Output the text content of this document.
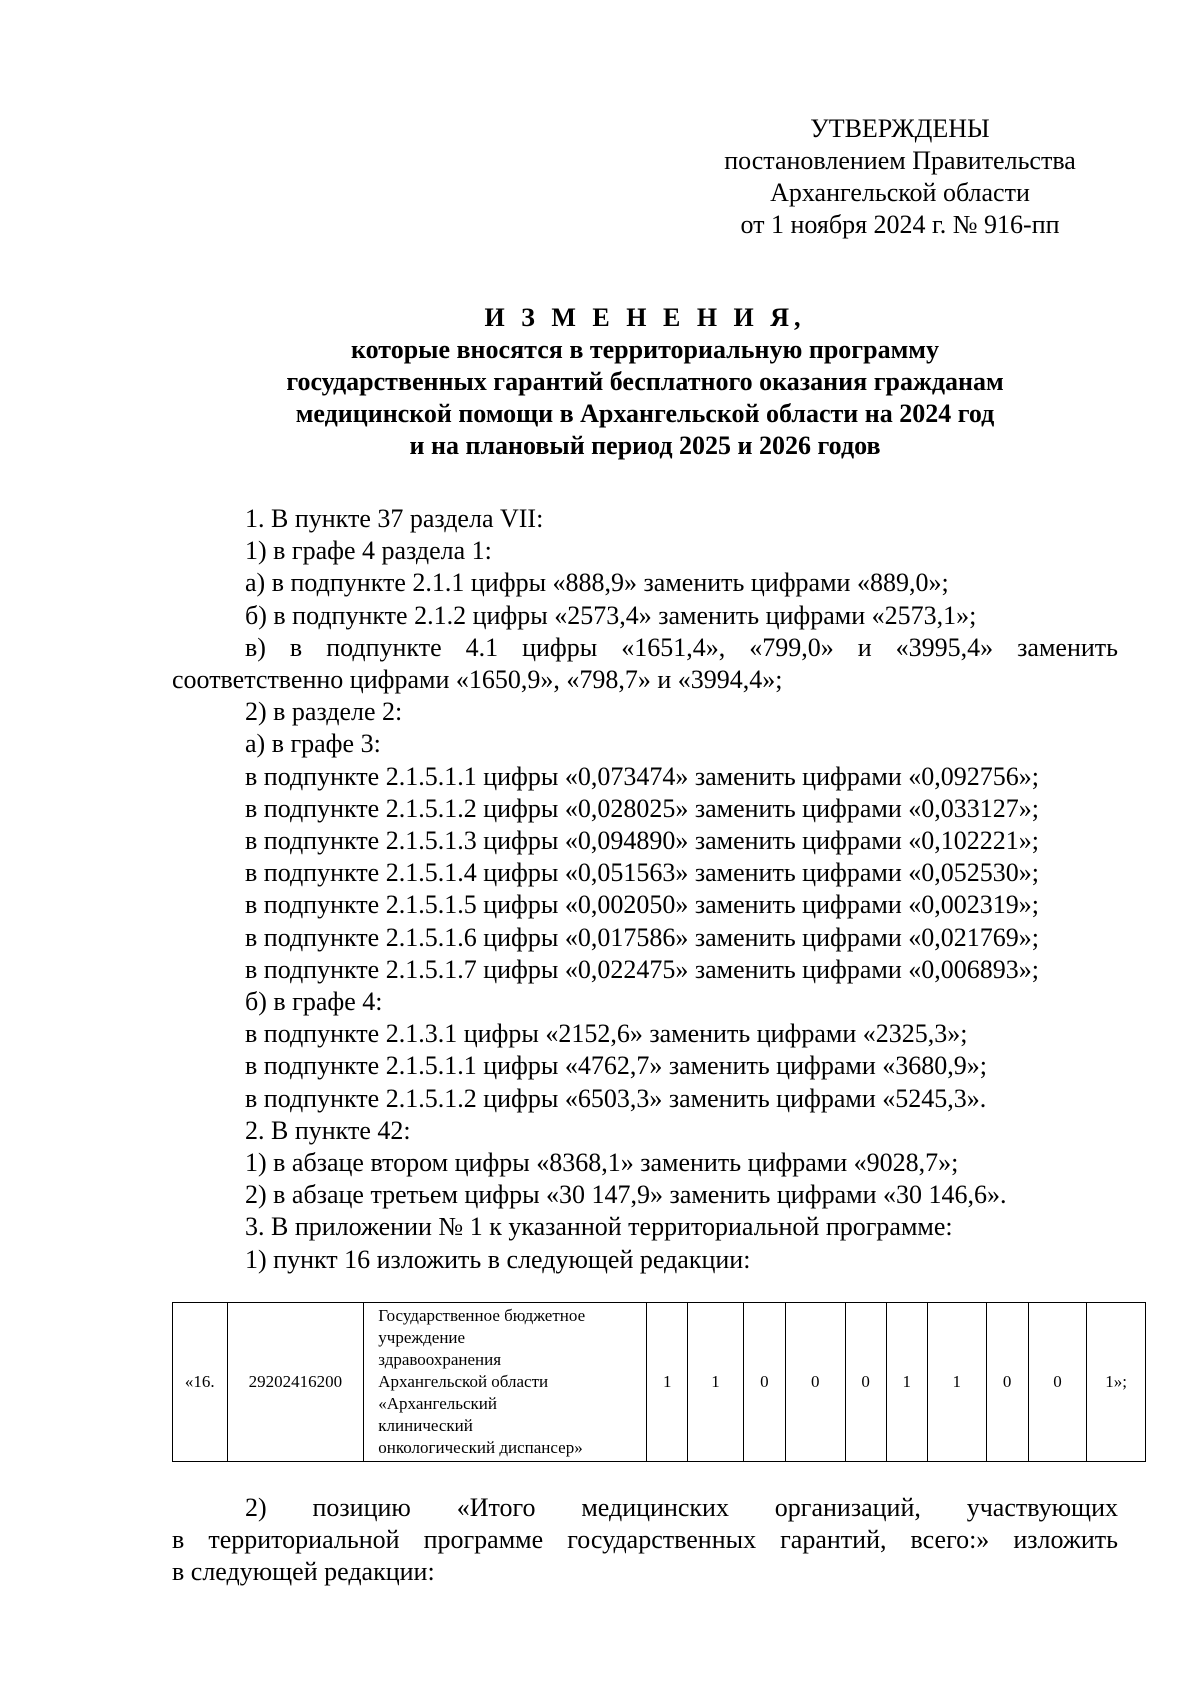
УТВЕРЖДЕНЫ
постановлением Правительства
Архангельской области
от 1 ноября 2024 г. № 916-пп
И З М Е Н Е Н И Я,
которые вносятся в территориальную программу
государственных гарантий бесплатного оказания гражданам
медицинской помощи в Архангельской области на 2024 год
и на плановый период 2025 и 2026 годов
1. В пункте 37 раздела VII:
1) в графе 4 раздела 1:
а) в подпункте 2.1.1 цифры «888,9» заменить цифрами «889,0»;
б) в подпункте 2.1.2 цифры «2573,4» заменить цифрами «2573,1»;
в) в подпункте 4.1 цифры «1651,4», «799,0» и «3995,4» заменить
соответственно цифрами «1650,9», «798,7» и «3994,4»;
2) в разделе 2:
а) в графе 3:
в подпункте 2.1.5.1.1 цифры «0,073474» заменить цифрами «0,092756»;
в подпункте 2.1.5.1.2 цифры «0,028025» заменить цифрами «0,033127»;
в подпункте 2.1.5.1.3 цифры «0,094890» заменить цифрами «0,102221»;
в подпункте 2.1.5.1.4 цифры «0,051563» заменить цифрами «0,052530»;
в подпункте 2.1.5.1.5 цифры «0,002050» заменить цифрами «0,002319»;
в подпункте 2.1.5.1.6 цифры «0,017586» заменить цифрами «0,021769»;
в подпункте 2.1.5.1.7 цифры «0,022475» заменить цифрами «0,006893»;
б) в графе 4:
в подпункте 2.1.3.1 цифры «2152,6» заменить цифрами «2325,3»;
в подпункте 2.1.5.1.1 цифры «4762,7» заменить цифрами «3680,9»;
в подпункте 2.1.5.1.2 цифры «6503,3» заменить цифрами «5245,3».
2. В пункте 42:
1) в абзаце втором цифры «8368,1» заменить цифрами «9028,7»;
2) в абзаце третьем цифры «30 147,9» заменить цифрами «30 146,6».
3. В приложении № 1 к указанной территориальной программе:
1) пункт 16 изложить в следующей редакции:
«16.	29202416200	
Государственное бюджетное
учреждение
здравоохранения
Архангельской области
«Архангельский
клинический
онкологический диспансер»
	1	1	0	0	0	1	1	0	0	1»;
2) позицию «Итого медицинских организаций, участвующих
в территориальной программе государственных гарантий, всего:» изложить
в следующей редакции:
